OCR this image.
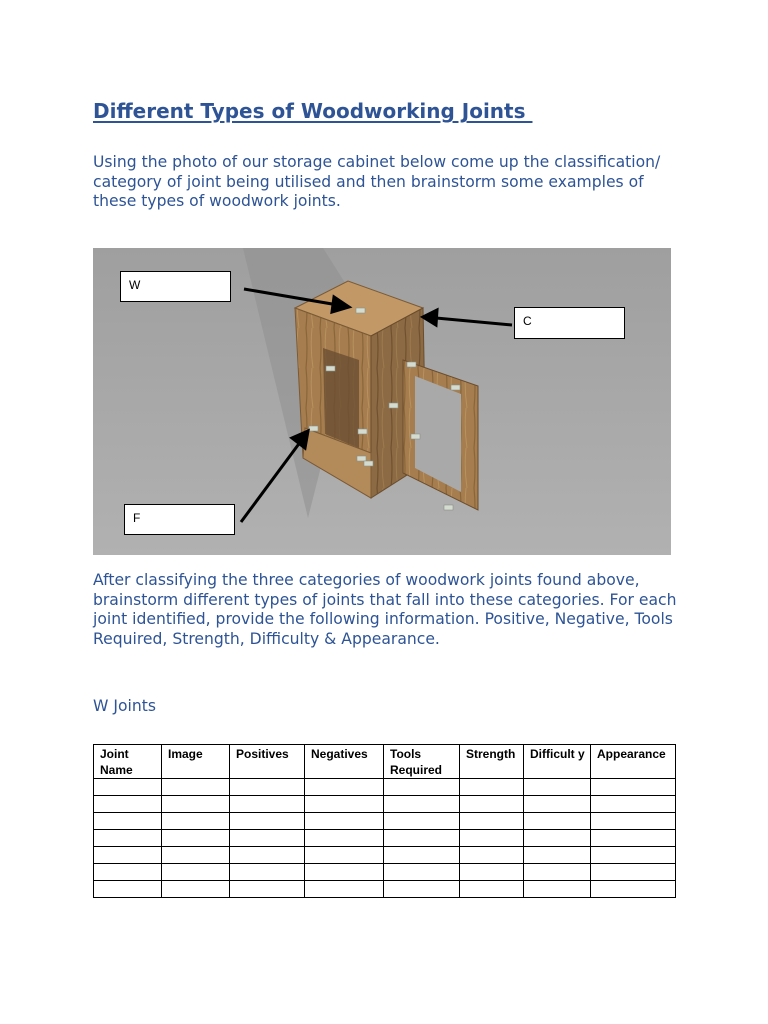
Different Types of Woodworking Joints

Using the photo of our storage cabinet below come up the classification/ category of joint being utilised and then brainstorm some examples of these types of woodwork joints.

W
C
F

After classifying the three categories of woodwork joints found above, brainstorm different types of joints that fall into these categories. For each joint identified, provide the following information. Positive, Negative, Tools Required, Strength, Difficulty & Appearance.

W Joints

Joint Name	Image	Positives	Negatives	Tools Required	Strength	Difficult y	Appearance
